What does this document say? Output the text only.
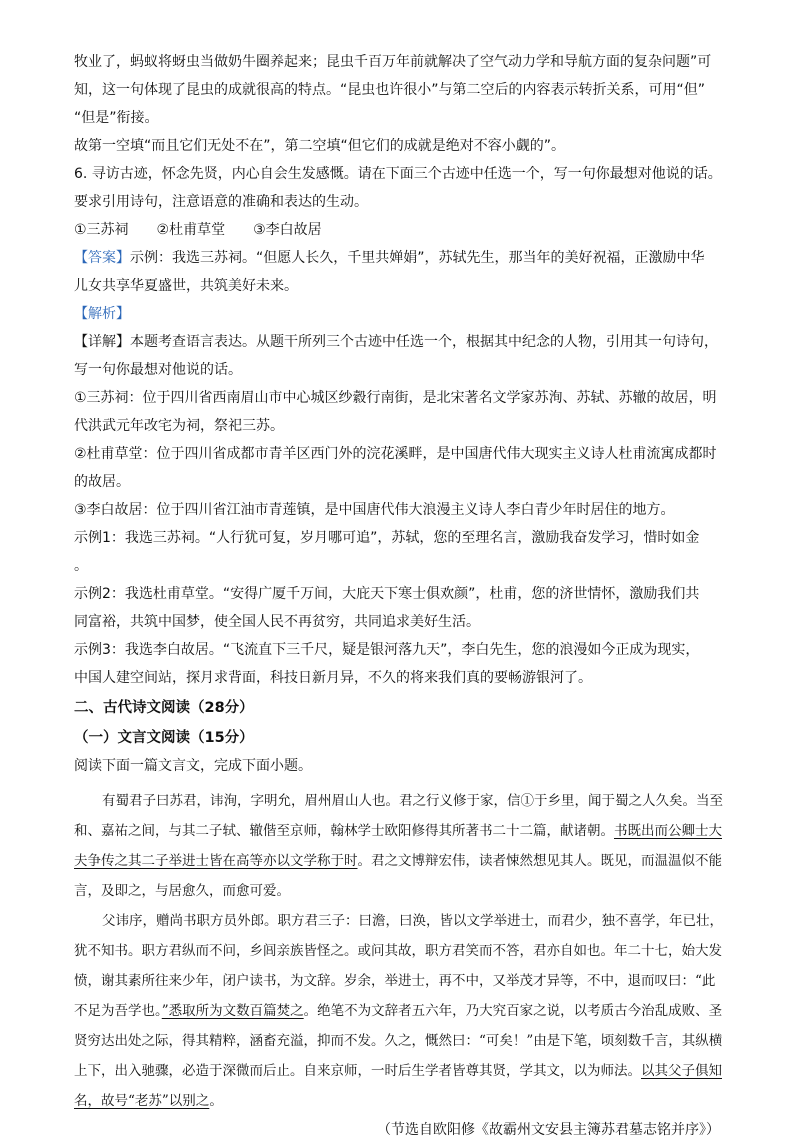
牧业了，蚂蚁将蚜虫当做奶牛圈养起来；昆虫千百万年前就解决了空气动力学和导航方面的复杂问题”可

知，这一句体现了昆虫的成就很高的特点。“昆虫也许很小”与第二空后的内容表示转折关系，可用“但”

“但是”衔接。

故第一空填“而且它们无处不在”，第二空填“但它们的成就是绝对不容小觑的”。

6. 寻访古迹，怀念先贤，内心自会生发感慨。请在下面三个古迹中任选一个，写一句你最想对他说的话。

要求引用诗句，注意语意的准确和表达的生动。

①三苏祠　　②杜甫草堂　　③李白故居

【答案】示例：我选三苏祠。“但愿人长久，千里共婵娟”，苏轼先生，那当年的美好祝福，正激励中华

儿女共享华夏盛世，共筑美好未来。

【解析】

【详解】本题考查语言表达。从题干所列三个古迹中任选一个，根据其中纪念的人物，引用其一句诗句，

写一句你最想对他说的话。

①三苏祠：位于四川省西南眉山市中心城区纱縠行南街，是北宋著名文学家苏洵、苏轼、苏辙的故居，明

代洪武元年改宅为祠，祭祀三苏。

②杜甫草堂：位于四川省成都市青羊区西门外的浣花溪畔，是中国唐代伟大现实主义诗人杜甫流寓成都时

的故居。

③李白故居：位于四川省江油市青莲镇，是中国唐代伟大浪漫主义诗人李白青少年时居住的地方。

示例1：我选三苏祠。“人行犹可复，岁月哪可追”，苏轼，您的至理名言，激励我奋发学习，惜时如金

。

示例2：我选杜甫草堂。“安得广厦千万间，大庇天下寒士俱欢颜”，杜甫，您的济世情怀，激励我们共

同富裕，共筑中国梦，使全国人民不再贫穷，共同追求美好生活。

示例3：我选李白故居。“飞流直下三千尺，疑是银河落九天”，李白先生，您的浪漫如今正成为现实，

中国人建空间站，探月求背面，科技日新月异，不久的将来我们真的要畅游银河了。

二、古代诗文阅读（28分）

（一）文言文阅读（15分）

阅读下面一篇文言文，完成下面小题。

有蜀君子曰苏君，讳洵，字明允，眉州眉山人也。君之行义修于家，信①于乡里，闻于蜀之人久矣。当至和、嘉祐之间，与其二子轼、辙偕至京师，翰林学士欧阳修得其所著书二十二篇，献诸朝。书既出而公卿士大夫争传之其二子举进士皆在高等亦以文学称于时。君之文博辩宏伟，读者悚然想见其人。既见，而温温似不能言，及即之，与居愈久，而愈可爱。

父讳序，赠尚书职方员外郎。职方君三子：曰澹，曰涣，皆以文学举进士，而君少，独不喜学，年已壮，犹不知书。职方君纵而不问，乡闾亲族皆怪之。或问其故，职方君笑而不答，君亦自如也。年二十七，始大发愤，谢其素所往来少年，闭户读书，为文辞。岁余，举进士，再不中，又举茂才异等，不中，退而叹曰：“此不足为吾学也。”悉取所为文数百篇焚之。绝笔不为文辞者五六年，乃大究百家之说，以考质古今治乱成败、圣贤穷达出处之际，得其精粹，涵畜充溢，抑而不发。久之，慨然曰：“可矣！”由是下笔，顷刻数千言，其纵横上下，出入驰骤，必造于深微而后止。自来京师，一时后生学者皆尊其贤，学其文，以为师法。以其父子俱知名，故号“老苏”以别之。

（节选自欧阳修《故霸州文安县主簿苏君墓志铭并序》）
